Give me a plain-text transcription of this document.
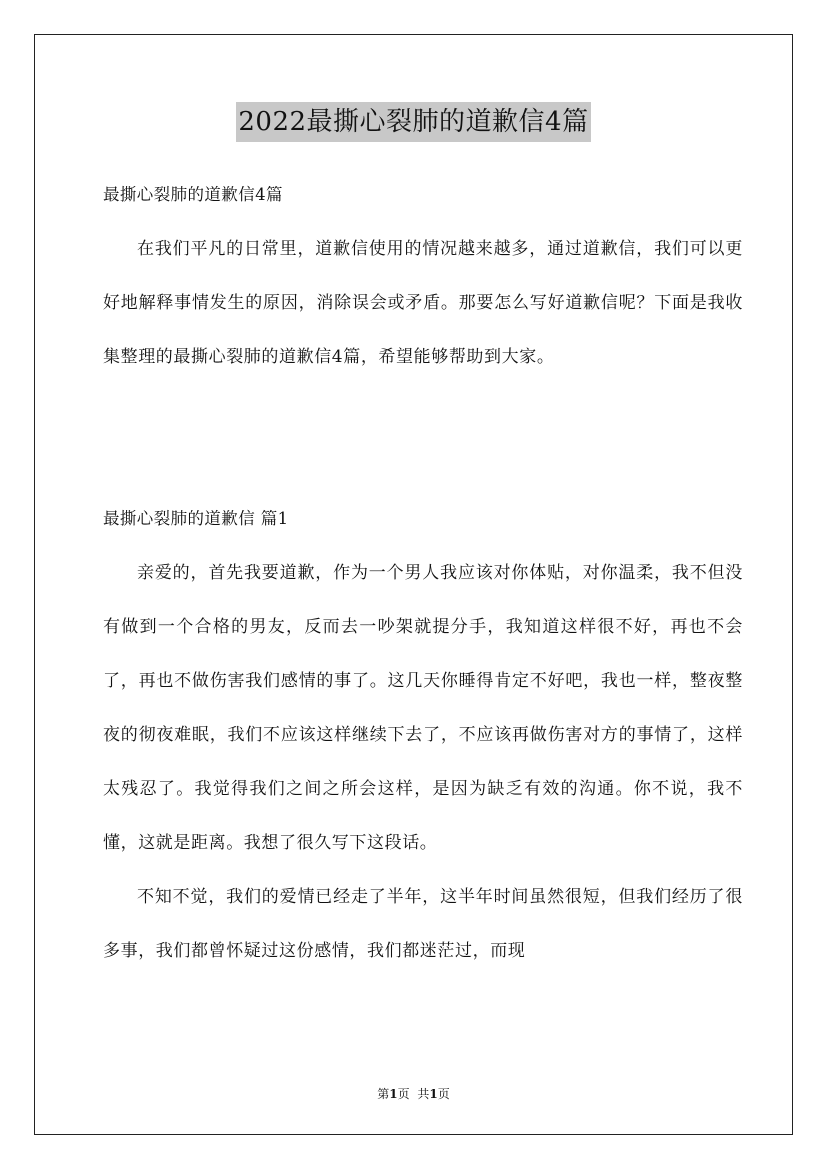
2022最撕心裂肺的道歉信4篇
最撕心裂肺的道歉信4篇

在我们平凡的日常里，道歉信使用的情况越来越多，通过道歉信，我们可以更好地解释事情发生的原因，消除误会或矛盾。那要怎么写好道歉信呢？下面是我收集整理的最撕心裂肺的道歉信4篇，希望能够帮助到大家。

最撕心裂肺的道歉信 篇1

亲爱的，首先我要道歉，作为一个男人我应该对你体贴，对你温柔，我不但没有做到一个合格的男友，反而去一吵架就提分手，我知道这样很不好，再也不会了，再也不做伤害我们感情的事了。这几天你睡得肯定不好吧，我也一样，整夜整夜的彻夜难眠，我们不应该这样继续下去了，不应该再做伤害对方的事情了，这样太残忍了。我觉得我们之间之所会这样，是因为缺乏有效的沟通。你不说，我不懂，这就是距离。我想了很久写下这段话。

不知不觉，我们的爱情已经走了半年，这半年时间虽然很短，但我们经历了很多事，我们都曾怀疑过这份感情，我们都迷茫过，而现

第1页 共1页
